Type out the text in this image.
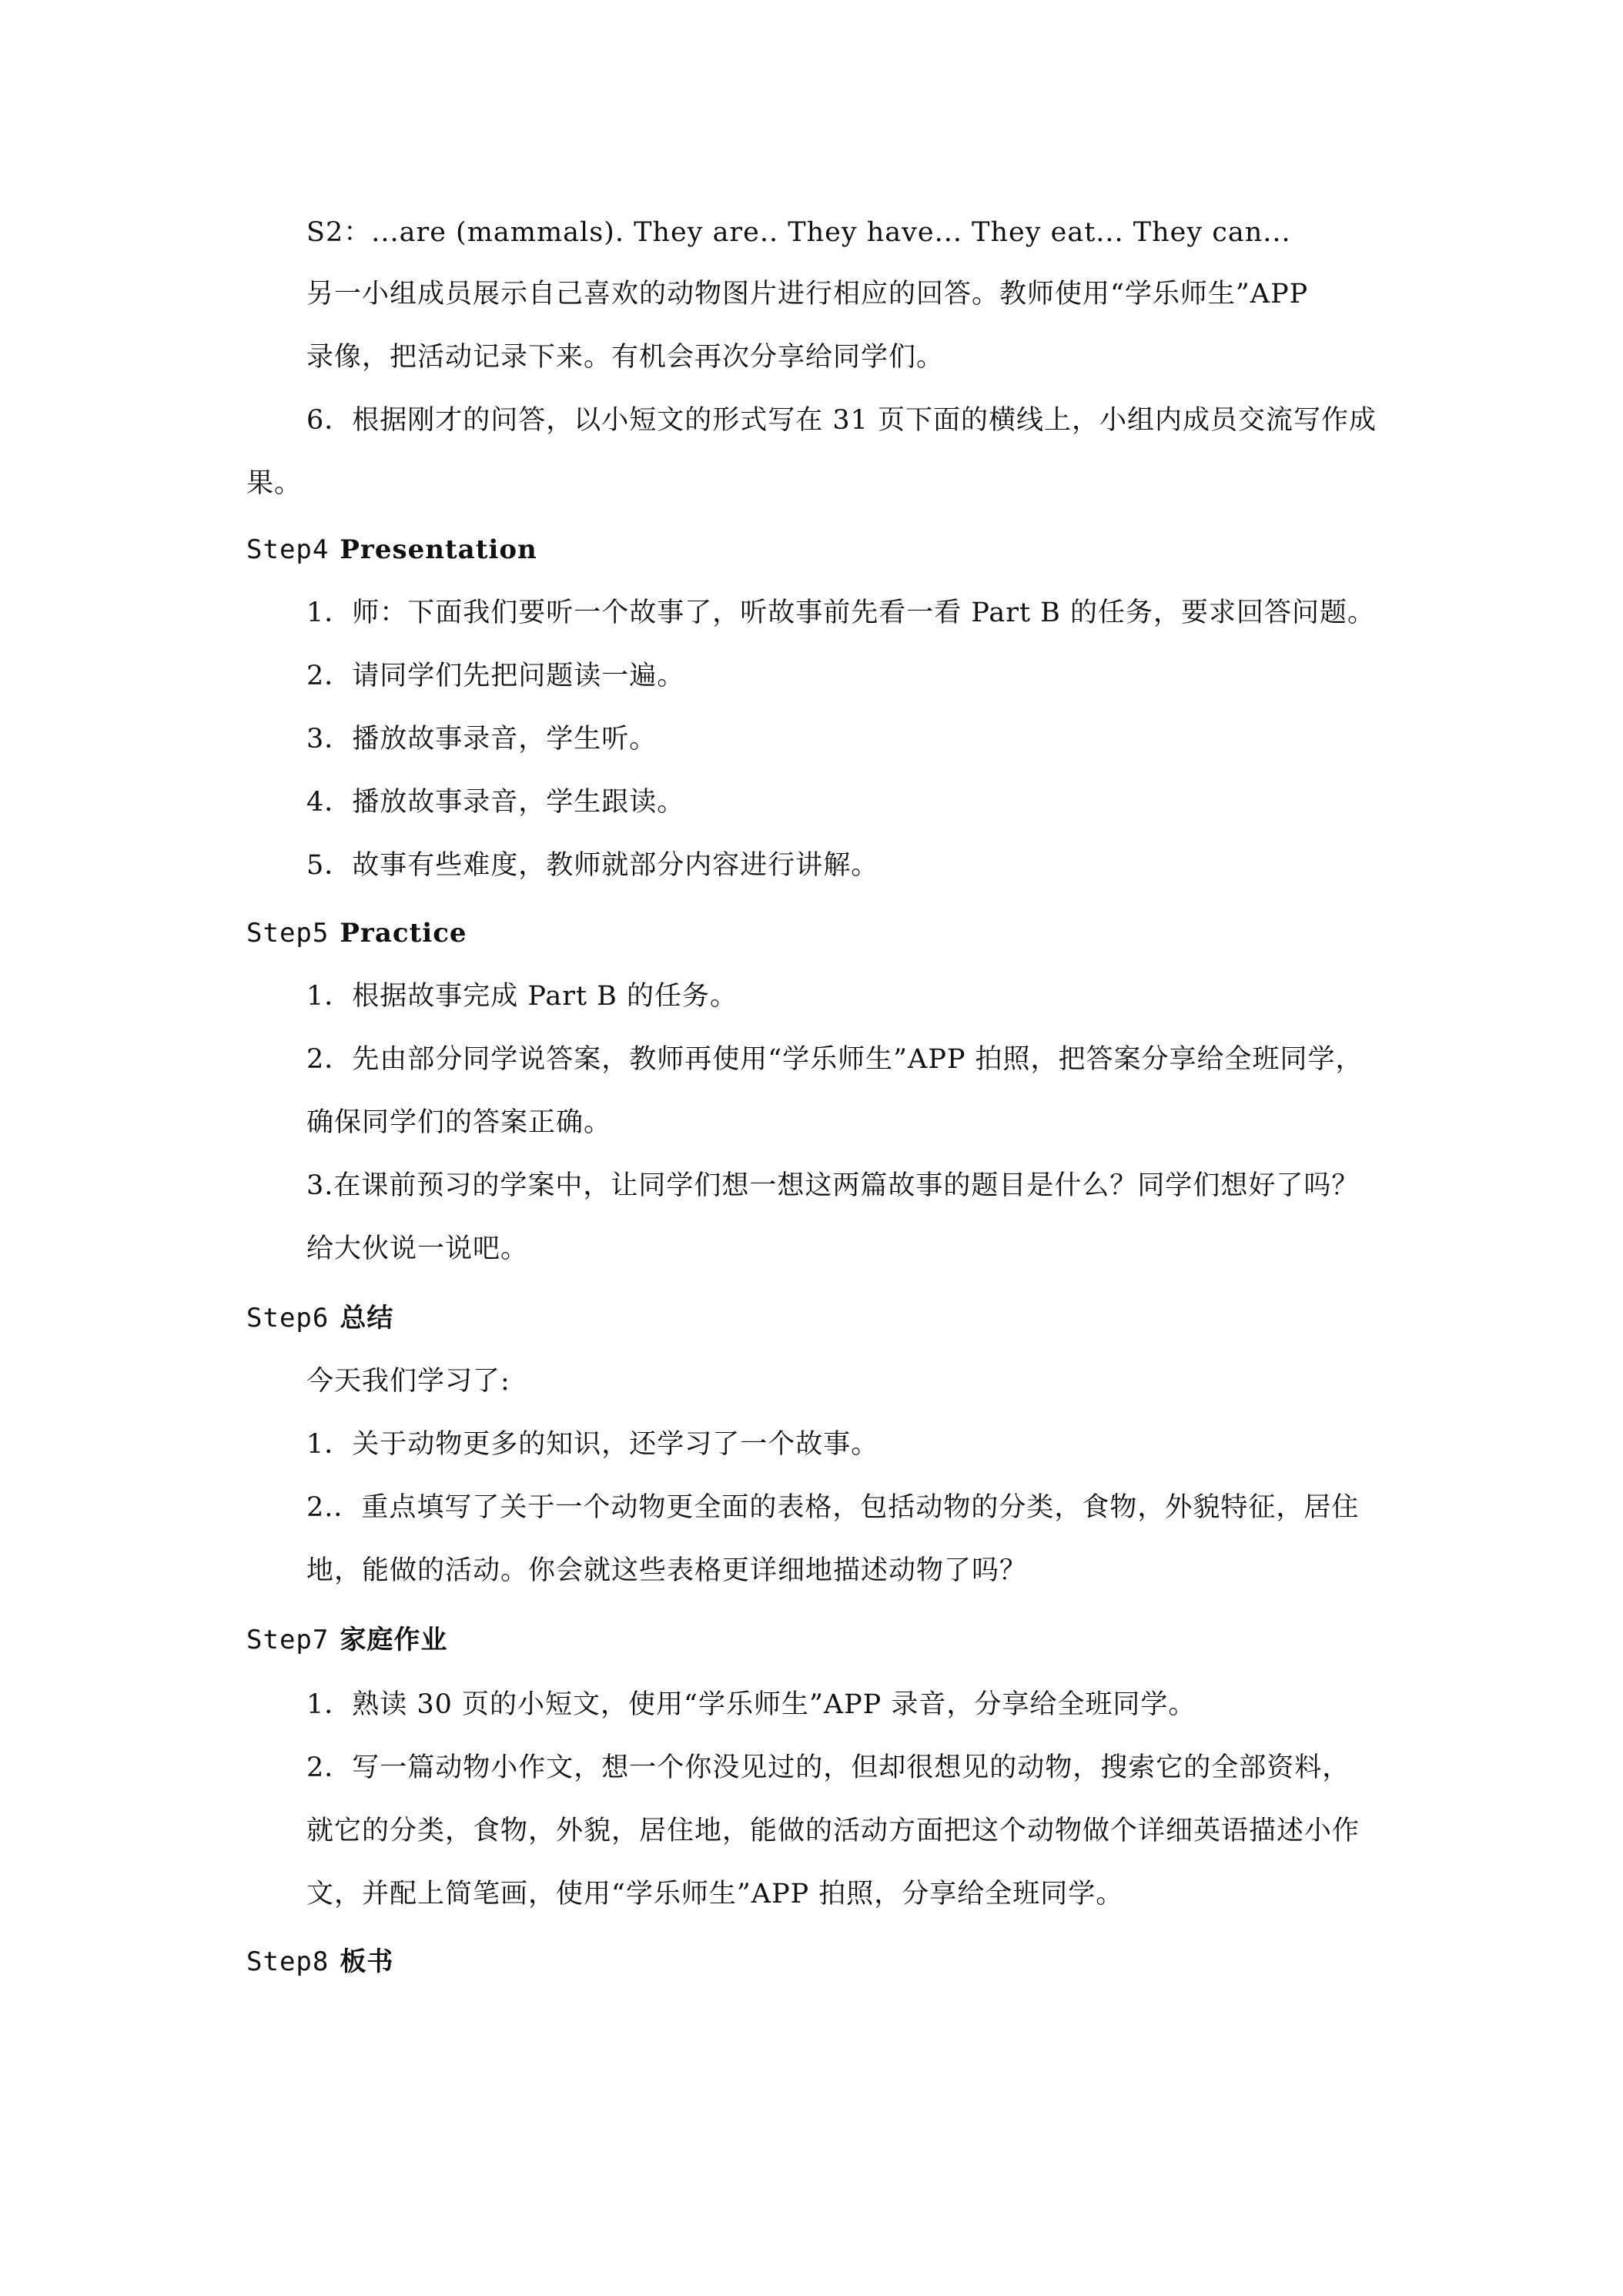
S2：...are (mammals). They are.. They have... They eat... They can...
另一小组成员展示自己喜欢的动物图片进行相应的回答。教师使用“学乐师生”APP
录像，把活动记录下来。有机会再次分享给同学们。
6．根据刚才的问答，以小短文的形式写在 31 页下面的横线上，小组内成员交流写作成
果。
Step4 Presentation
1．师：下面我们要听一个故事了，听故事前先看一看 Part B 的任务，要求回答问题。
2．请同学们先把问题读一遍。
3．播放故事录音，学生听。
4．播放故事录音，学生跟读。
5．故事有些难度，教师就部分内容进行讲解。
Step5 Practice
1．根据故事完成 Part B 的任务。
2．先由部分同学说答案，教师再使用“学乐师生”APP 拍照，把答案分享给全班同学，
确保同学们的答案正确。
3.在课前预习的学案中，让同学们想一想这两篇故事的题目是什么？同学们想好了吗？
给大伙说一说吧。
Step6 总结
今天我们学习了:
1．关于动物更多的知识，还学习了一个故事。
2.．重点填写了关于一个动物更全面的表格，包括动物的分类，食物，外貌特征，居住
地，能做的活动。你会就这些表格更详细地描述动物了吗？
Step7 家庭作业
1．熟读 30 页的小短文，使用“学乐师生”APP 录音，分享给全班同学。
2．写一篇动物小作文，想一个你没见过的，但却很想见的动物，搜索它的全部资料，
就它的分类，食物，外貌，居住地，能做的活动方面把这个动物做个详细英语描述小作
文，并配上简笔画，使用“学乐师生”APP 拍照，分享给全班同学。
Step8 板书
